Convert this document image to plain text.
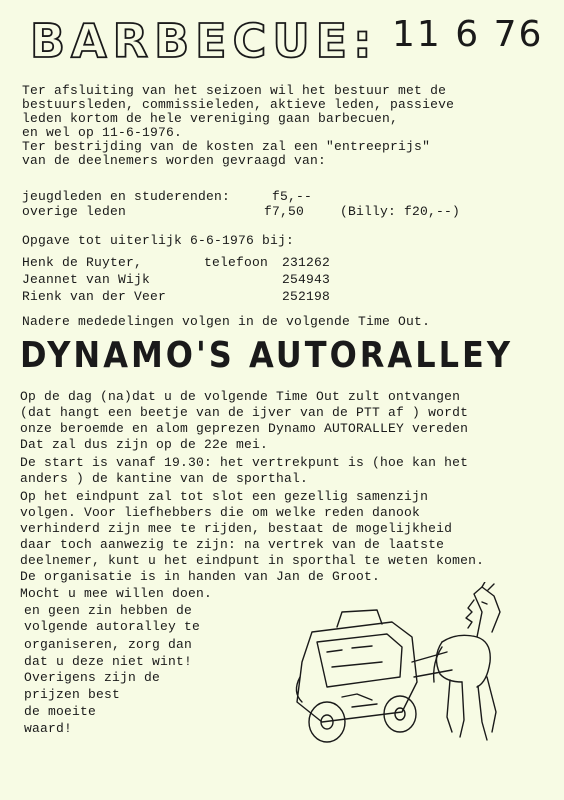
BARBECUE: 11 6 76
Ter afsluiting van het seizoen wil het bestuur met de
bestuursleden, commissieleden, aktieve leden, passieve
leden kortom de hele vereniging gaan barbecuen,
en wel op 11-6-1976.
Ter bestrijding van de kosten zal een "entreeprijs"
van de deelnemers worden gevraagd van:
jeugdleden en studerenden:	f5,--
overige leden	f7,50	(Billy: f20,--)
Opgave tot uiterlijk 6-6-1976 bij:
Henk de Ruyter,	telefoon 231262
Jeannet van Wijk	254943
Rienk van der Veer	252198
Nadere mededelingen volgen in de volgende Time Out.
DYNAMO'S AUTORALLEY
Op de dag (na)dat u de volgende Time Out zult ontvangen
(dat hangt een beetje van de ijver van de PTT af ) wordt
onze beroemde en alom geprezen Dynamo AUTORALLEY vereden
Dat zal dus zijn op de 22e mei.
De start is vanaf 19.30: het vertrekpunt is (hoe kan het
anders ) de kantine van de sporthal.
Op het eindpunt zal tot slot een gezellig samenzijn
volgen. Voor liefhebbers die om welke reden danook
verhinderd zijn mee te rijden, bestaat de mogelijkheid
daar toch aanwezig te zijn: na vertrek van de laatste
deelnemer, kunt u het eindpunt in sporthal te weten komen.
De organisatie is in handen van Jan de Groot.
Mocht u mee willen doen.
en geen zin hebben de
volgende autoralley te
organiseren, zorg dan
dat u deze niet wint!
Overigens zijn de
prijzen best
de moeite
waard!
